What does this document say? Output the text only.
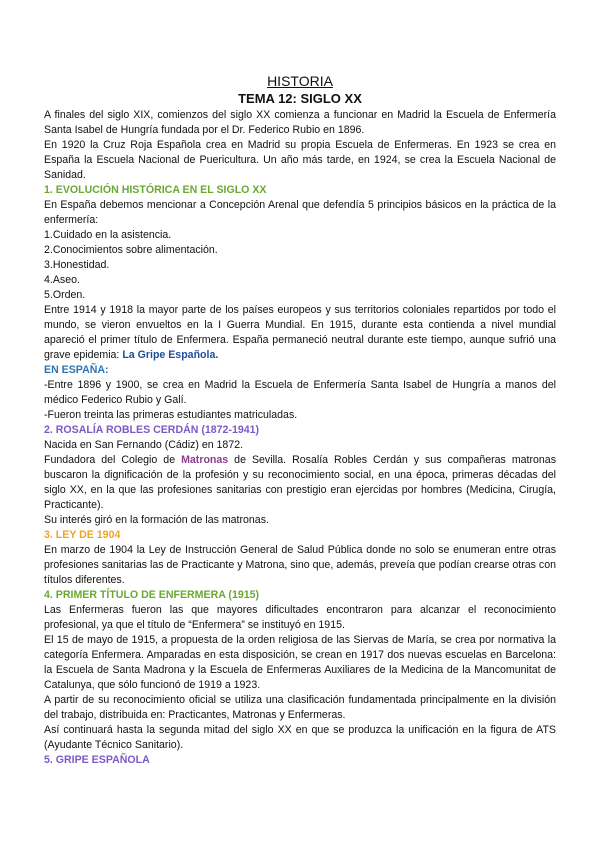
HISTORIA
TEMA 12: SIGLO XX

A finales del siglo XIX, comienzos del siglo XX comienza a funcionar en Madrid la Escuela de Enfermería Santa Isabel de Hungría fundada por el Dr. Federico Rubio en 1896.

En 1920 la Cruz Roja Española crea en Madrid su propia Escuela de Enfermeras. En 1923 se crea en España la Escuela Nacional de Puericultura. Un año más tarde, en 1924, se crea la Escuela Nacional de Sanidad.

1. EVOLUCIÓN HISTÓRICA EN EL SIGLO XX

En España debemos mencionar a Concepción Arenal que defendía 5 principios básicos en la práctica de la enfermería:

1.Cuidado en la asistencia.

2.Conocimientos sobre alimentación.

3.Honestidad.

4.Aseo.

5.Orden.

Entre 1914 y 1918 la mayor parte de los países europeos y sus territorios coloniales repartidos por todo el mundo, se vieron envueltos en la I Guerra Mundial. En 1915, durante esta contienda a nivel mundial apareció el primer título de Enfermera. España permaneció neutral durante este tiempo, aunque sufrió una grave epidemia: La Gripe Española.

EN ESPAÑA:

-Entre 1896 y 1900, se crea en Madrid la Escuela de Enfermería Santa Isabel de Hungría a manos del médico Federico Rubio y Galí.

-Fueron treinta las primeras estudiantes matriculadas.

2. ROSALÍA ROBLES CERDÁN (1872-1941)

Nacida en San Fernando (Cádiz) en 1872.

Fundadora del Colegio de Matronas de Sevilla. Rosalía Robles Cerdán y sus compañeras matronas buscaron la dignificación de la profesión y su reconocimiento social, en una época, primeras décadas del siglo XX, en la que las profesiones sanitarias con prestigio eran ejercidas por hombres (Medicina, Cirugía, Practicante).

Su interés giró en la formación de las matronas.

3. LEY DE 1904

En marzo de 1904 la Ley de Instrucción General de Salud Pública donde no solo se enumeran entre otras profesiones sanitarias las de Practicante y Matrona, sino que, además, preveía que podían crearse otras con títulos diferentes.

4. PRIMER TÍTULO DE ENFERMERA (1915)

Las Enfermeras fueron las que mayores dificultades encontraron para alcanzar el reconocimiento profesional, ya que el título de “Enfermera” se instituyó en 1915.

El 15 de mayo de 1915, a propuesta de la orden religiosa de las Siervas de María, se crea por normativa la categoría Enfermera. Amparadas en esta disposición, se crean en 1917 dos nuevas escuelas en Barcelona: la Escuela de Santa Madrona y la Escuela de Enfermeras Auxiliares de la Medicina de la Mancomunitat de Catalunya, que sólo funcionó de 1919 a 1923.

A partir de su reconocimiento oficial se utiliza una clasificación fundamentada principalmente en la división del trabajo, distribuida en: Practicantes, Matronas y Enfermeras.

Así continuará hasta la segunda mitad del siglo XX en que se produzca la unificación en la figura de ATS (Ayudante Técnico Sanitario).

5. GRIPE ESPAÑOLA
